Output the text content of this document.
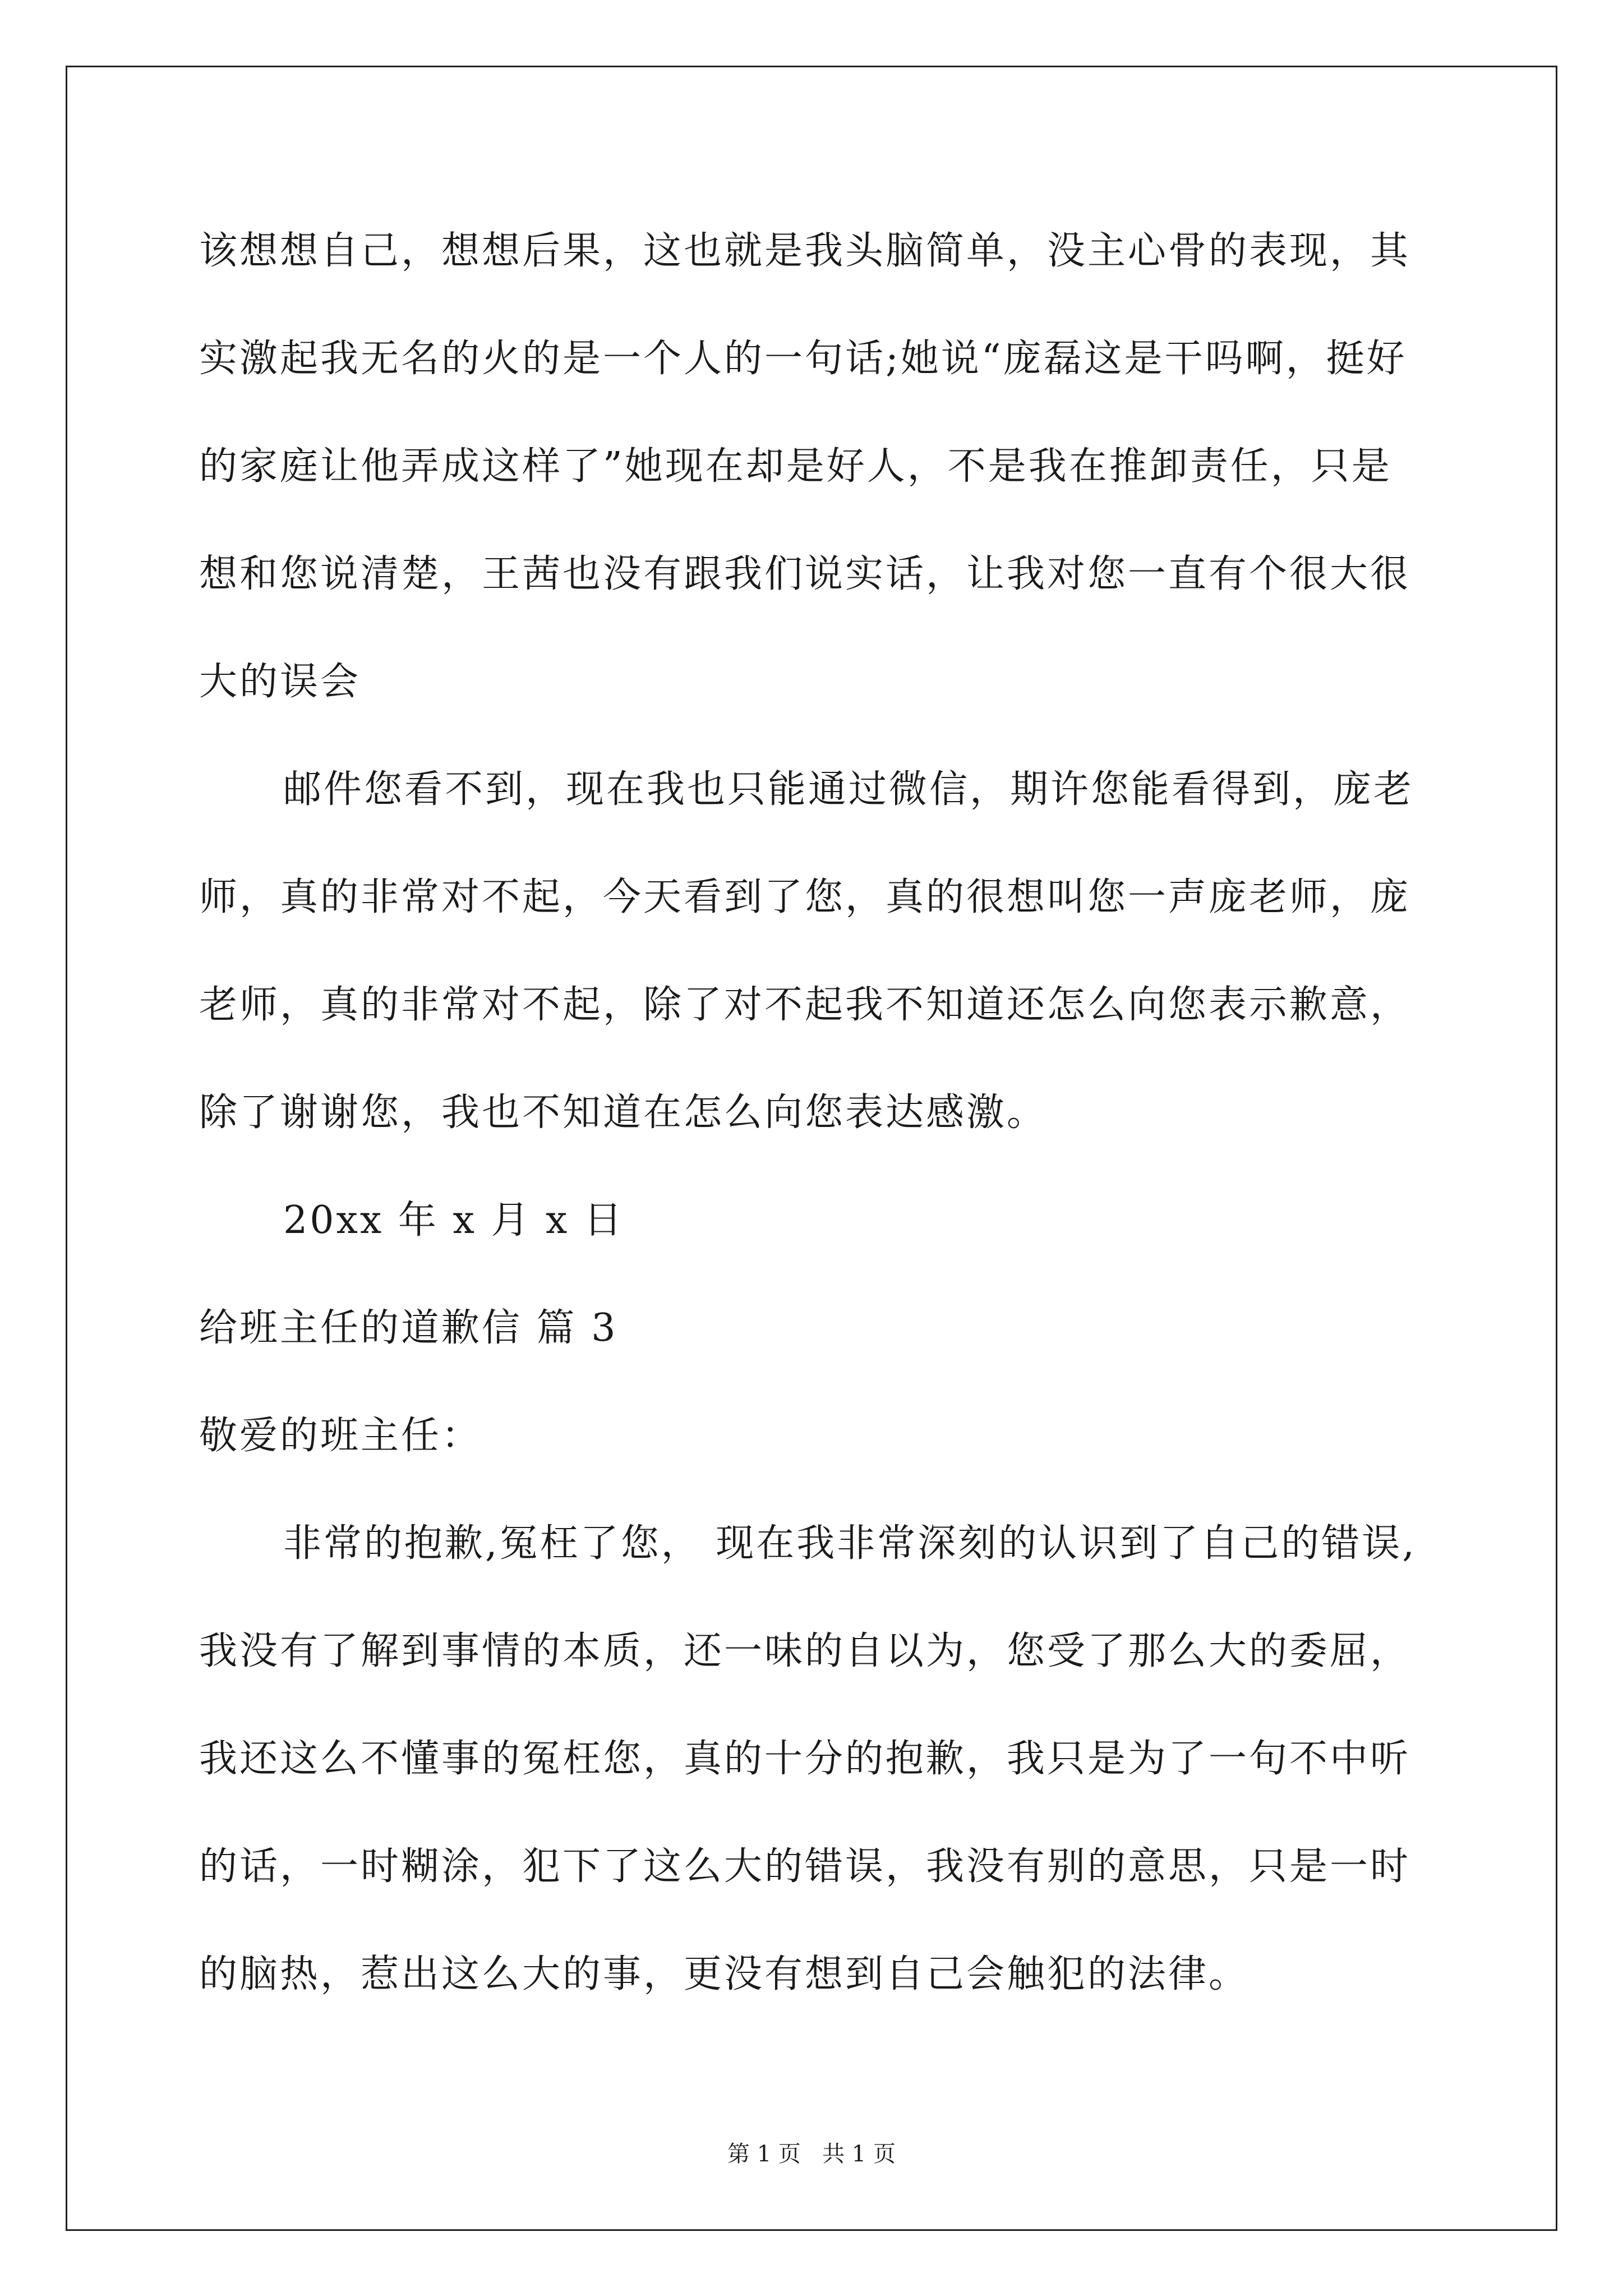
该想想自己，想想后果，这也就是我头脑简单，没主心骨的表现，其
实激起我无名的火的是一个人的一句话;她说“庞磊这是干吗啊，挺好
的家庭让他弄成这样了”她现在却是好人，不是我在推卸责任，只是
想和您说清楚，王茜也没有跟我们说实话，让我对您一直有个很大很
大的误会
邮件您看不到，现在我也只能通过微信，期许您能看得到，庞老
师，真的非常对不起，今天看到了您，真的很想叫您一声庞老师，庞
老师，真的非常对不起，除了对不起我不知道还怎么向您表示歉意，
除了谢谢您，我也不知道在怎么向您表达感激。
20xx 年 x 月 x 日
给班主任的道歉信 篇 3
敬爱的班主任：
非常的抱歉,冤枉了您， 现在我非常深刻的认识到了自己的错误,
我没有了解到事情的本质，还一味的自以为，您受了那么大的委屈，
我还这么不懂事的冤枉您，真的十分的抱歉，我只是为了一句不中听
的话，一时糊涂，犯下了这么大的错误，我没有别的意思，只是一时
的脑热，惹出这么大的事，更没有想到自己会触犯的法律。
第 1 页   共 1 页
